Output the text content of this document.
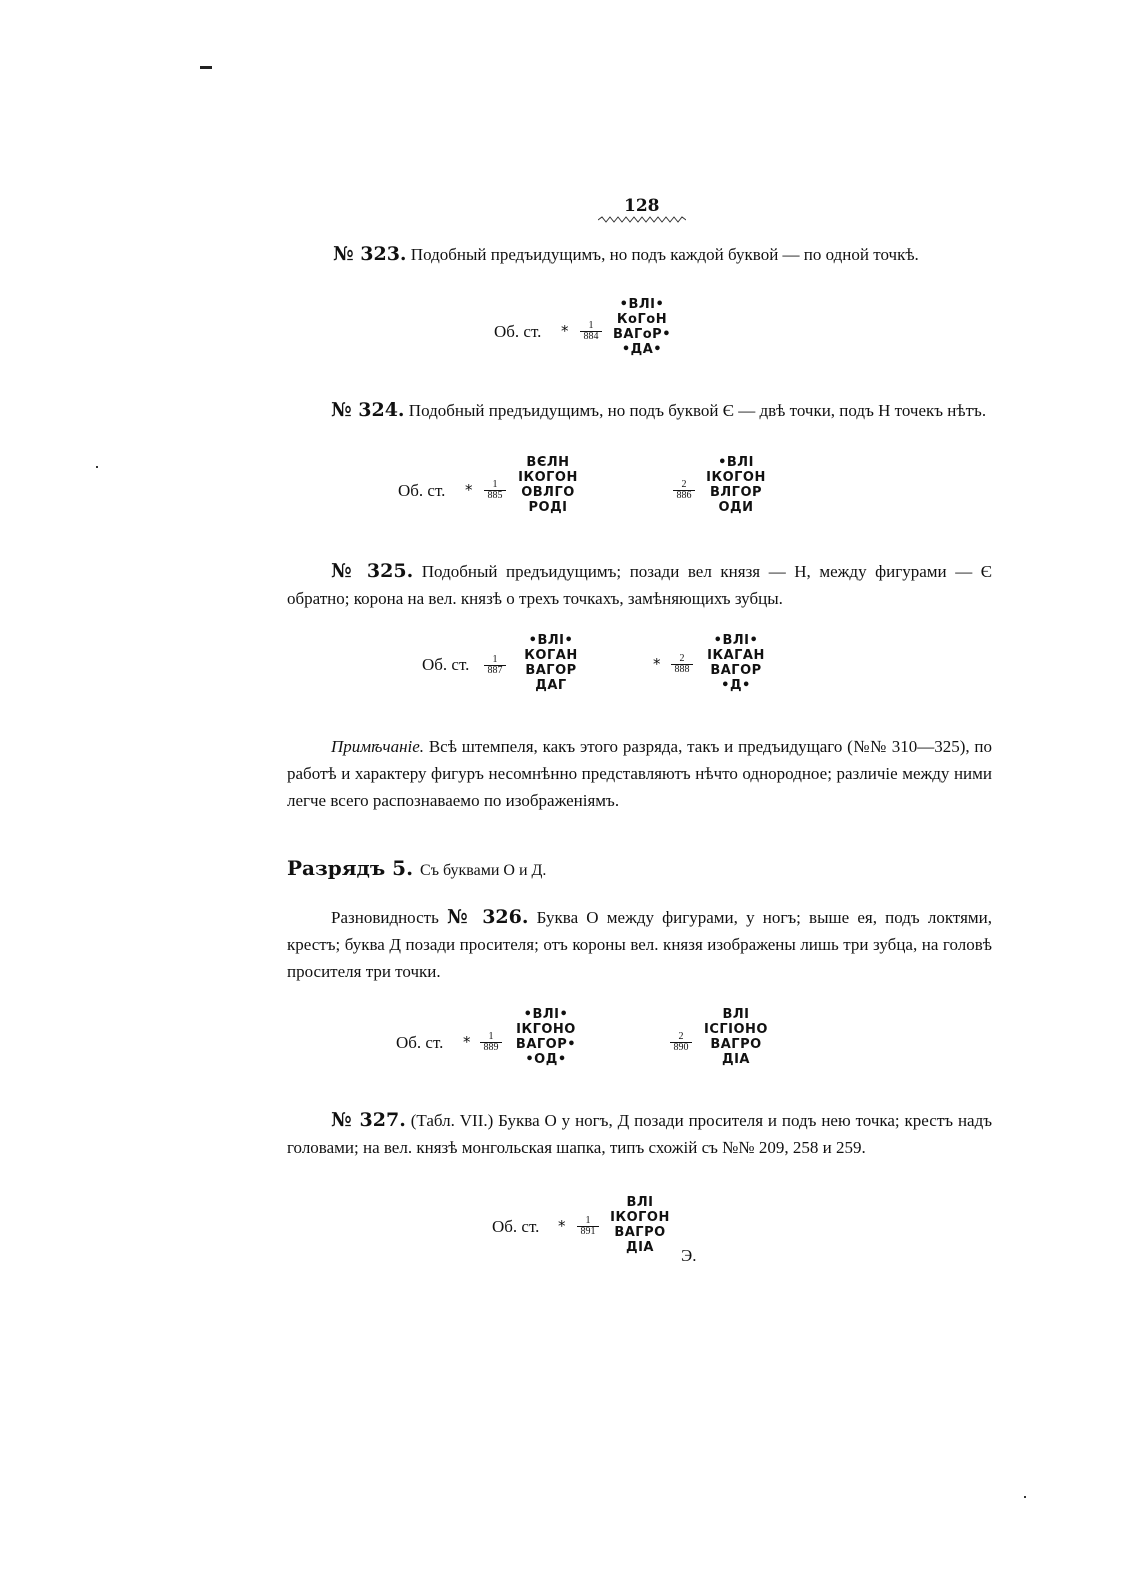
128
№ 323. Подобный предъидущимъ, но подъ каждой буквой — по одной точкѣ.
Об. ст. * $\frac{1}{884}$
•ВЛI•
КоГоН
ВАГоР•
•ДА•
№ 324. Подобный предъидущимъ, но подъ буквой Є — двѣ точки, подъ Н точекъ нѣтъ.
Об. ст. * $\frac{1}{885}$
ВЄЛН
ІКОГОН
ОВЛГО
РОДІ
$\frac{2}{886}$
•ВЛІ
ІКОГОН
ВЛГОР
ОДИ
№ 325. Подобный предъидущимъ; позади вел князя — Н, между фигурами — Є обратно; корона на вел. князѣ о трехъ точкахъ, замѣняющихъ зубцы.
Об. ст. $\frac{1}{887}$
•ВЛІ•
КОГАН
ВАГОР
ДАГ
* $\frac{2}{888}$
•ВЛІ•
ІКАГАН
ВАГОР
•Д•
Примѣчаніе. Всѣ штемпеля, какъ этого разряда, такъ и предъидущаго (№№ 310—325), по работѣ и характеру фигуръ несомнѣнно представляютъ нѣчто однородное; различіе между ними легче всего распознаваемо по изображеніямъ.
Разрядъ 5. Съ буквами О и Д.
Разновидность № 326. Буква О между фигурами, у ногъ; выше ея, подъ локтями, крестъ; буква Д позади просителя; отъ короны вел. князя изображены лишь три зубца, на головѣ просителя три точки.
Об. ст. * $\frac{1}{889}$
•ВЛІ•
ІКГОНО
ВАГОР•
•ОД•
$\frac{2}{890}$
ВЛІ
ІСГІОНО
ВАГРО
ДІА
№ 327. (Табл. VII.) Буква О у ногъ, Д позади просителя и подъ нею точка; крестъ надъ головами; на вел. князѣ монгольская шапка, типъ схожій съ №№ 209, 258 и 259.
Об. ст. * $\frac{1}{891}$
ВЛІ
ІКОГОН
ВАГРО
ДІА	Э.
